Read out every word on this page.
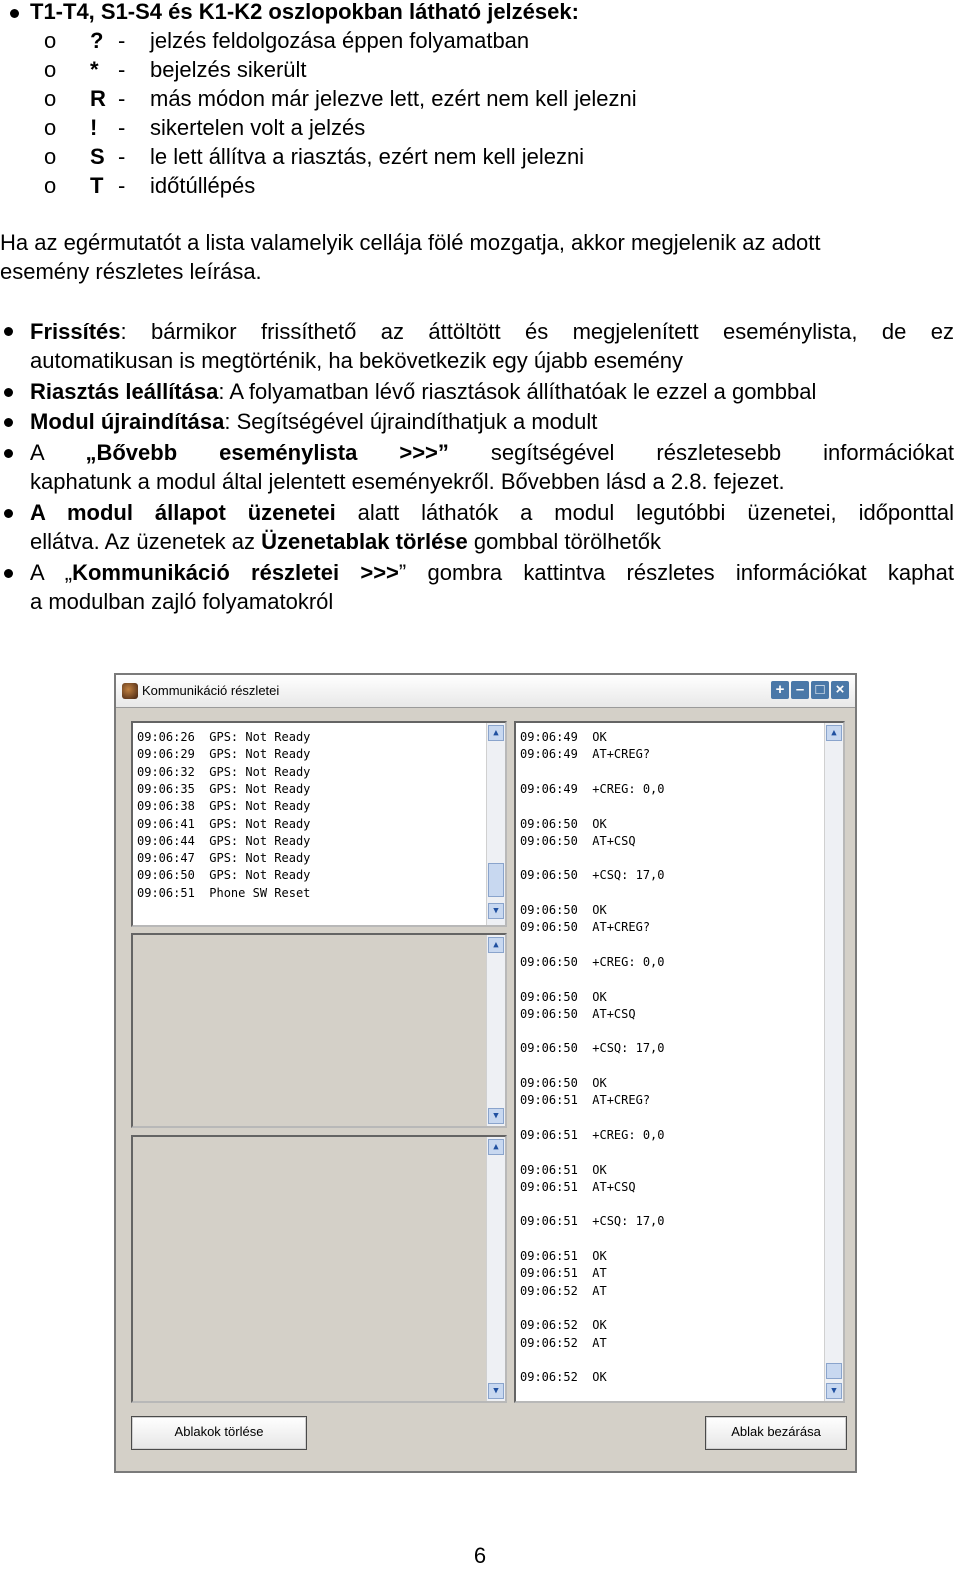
T1-T4, S1-S4 és K1-K2 oszlopokban látható jelzések:
o ? - jelzés feldolgozása éppen folyamatban
o * - bejelzés sikerült
o R - más módon már jelezve lett, ezért nem kell jelezni
o ! - sikertelen volt a jelzés
o S - le lett állítva a riasztás, ezért nem kell jelezni
o T - időtúllépés
Ha az egérmutatót a lista valamelyik cellája fölé mozgatja, akkor megjelenik az adott
esemény részletes leírása.
Frissítés: bármikor frissíthető az áttöltött és megjelenített eseménylista, de ez
automatikusan is megtörténik, ha bekövetkezik egy újabb esemény
Riasztás leállítása: A folyamatban lévő riasztások állíthatóak le ezzel a gombbal
Modul újraindítása: Segítségével újraindíthatjuk a modult
A „Bővebb eseménylista >>>” segítségével részletesebb információkat
kaphatunk a modul által jelentett eseményekről. Bővebben lásd a 2.8. fejezet.
A modul állapot üzenetei alatt láthatók a modul legutóbbi üzenetei, időponttal
ellátva. Az üzenetek az Üzenetablak törlése gombbal törölhetők
A „Kommunikáció részletei >>>” gombra kattintva részletes információkat kaphat
a modulban zajló folyamatokról
Kommunikáció részletei	+ – □ ×
09:06:26  GPS: Not Ready
09:06:29  GPS: Not Ready
09:06:32  GPS: Not Ready
09:06:35  GPS: Not Ready
09:06:38  GPS: Not Ready
09:06:41  GPS: Not Ready
09:06:44  GPS: Not Ready
09:06:47  GPS: Not Ready
09:06:50  GPS: Not Ready
09:06:51  Phone SW Reset
▲
▼
▲
▼
▲
▼
09:06:49  OK
09:06:49  AT+CREG?
09:06:49  +CREG: 0,0
09:06:50  OK
09:06:50  AT+CSQ
09:06:50  +CSQ: 17,0
09:06:50  OK
09:06:50  AT+CREG?
09:06:50  +CREG: 0,0
09:06:50  OK
09:06:50  AT+CSQ
09:06:50  +CSQ: 17,0
09:06:50  OK
09:06:51  AT+CREG?
09:06:51  +CREG: 0,0
09:06:51  OK
09:06:51  AT+CSQ
09:06:51  +CSQ: 17,0
09:06:51  OK
09:06:51  AT
09:06:52  AT
09:06:52  OK
09:06:52  AT
09:06:52  OK
▲
▼
Ablakok törlése	Ablak bezárása
6
